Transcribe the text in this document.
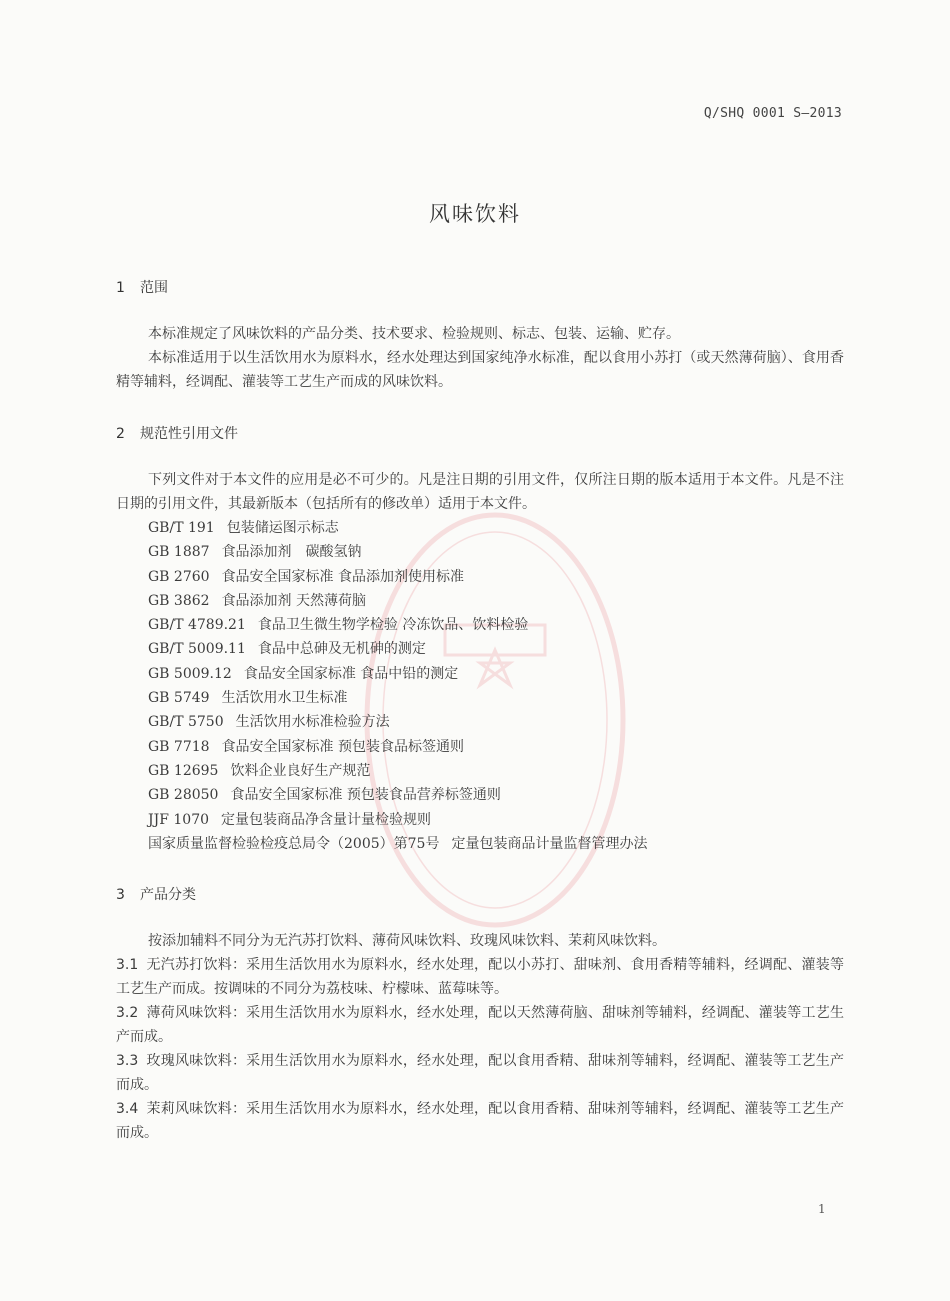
Q/SHQ 0001 S—2013
风味饮料
1 范围
本标准规定了风味饮料的产品分类、技术要求、检验规则、标志、包装、运输、贮存。
本标准适用于以生活饮用水为原料水，经水处理达到国家纯净水标准，配以食用小苏打（或天然薄荷脑）、食用香精等辅料，经调配、灌装等工艺生产而成的风味饮料。
2 规范性引用文件
下列文件对于本文件的应用是必不可少的。凡是注日期的引用文件，仅所注日期的版本适用于本文件。凡是不注日期的引用文件，其最新版本（包括所有的修改单）适用于本文件。
GB/T 191 包装储运图示标志
GB 1887 食品添加剂　碳酸氢钠
GB 2760 食品安全国家标准 食品添加剂使用标准
GB 3862 食品添加剂 天然薄荷脑
GB/T 4789.21 食品卫生微生物学检验 冷冻饮品、饮料检验
GB/T 5009.11 食品中总砷及无机砷的测定
GB 5009.12 食品安全国家标准 食品中铅的测定
GB 5749 生活饮用水卫生标准
GB/T 5750 生活饮用水标准检验方法
GB 7718 食品安全国家标准 预包装食品标签通则
GB 12695 饮料企业良好生产规范
GB 28050 食品安全国家标准 预包装食品营养标签通则
JJF 1070 定量包装商品净含量计量检验规则
国家质量监督检验检疫总局令（2005）第75号 定量包装商品计量监督管理办法
3 产品分类
按添加辅料不同分为无汽苏打饮料、薄荷风味饮料、玫瑰风味饮料、茉莉风味饮料。
3.1 无汽苏打饮料：采用生活饮用水为原料水，经水处理，配以小苏打、甜味剂、食用香精等辅料，经调配、灌装等工艺生产而成。按调味的不同分为荔枝味、柠檬味、蓝莓味等。
3.2 薄荷风味饮料：采用生活饮用水为原料水，经水处理，配以天然薄荷脑、甜味剂等辅料，经调配、灌装等工艺生产而成。
3.3 玫瑰风味饮料：采用生活饮用水为原料水，经水处理，配以食用香精、甜味剂等辅料，经调配、灌装等工艺生产而成。
3.4 茉莉风味饮料：采用生活饮用水为原料水，经水处理，配以食用香精、甜味剂等辅料，经调配、灌装等工艺生产而成。
1
